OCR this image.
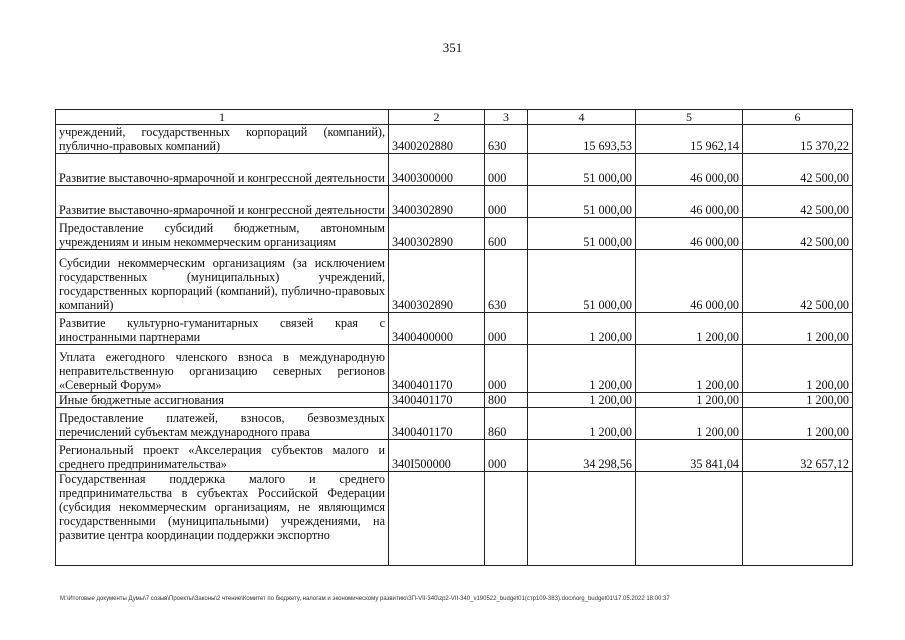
351
1	2	3	4	5	6
учреждений, государственных корпораций (компаний), публично-правовых компаний)	3400202880	630	15 693,53	15 962,14	15 370,22
Развитие выставочно-ярмарочной и конгрессной деятельности	3400300000	000	51 000,00	46 000,00	42 500,00
Развитие выставочно-ярмарочной и конгрессной деятельности	3400302890	000	51 000,00	46 000,00	42 500,00
Предоставление субсидий бюджетным, автономным учреждениям и иным некоммерческим организациям	3400302890	600	51 000,00	46 000,00	42 500,00
Субсидии некоммерческим организациям (за исключением государственных (муниципальных) учреждений, государственных корпораций (компаний), публично-правовых компаний)	3400302890	630	51 000,00	46 000,00	42 500,00
Развитие культурно-гуманитарных связей края с иностранными партнерами	3400400000	000	1 200,00	1 200,00	1 200,00
Уплата ежегодного членского взноса в международную неправительственную организацию северных регионов «Северный Форум»	3400401170	000	1 200,00	1 200,00	1 200,00
Иные бюджетные ассигнования	3400401170	800	1 200,00	1 200,00	1 200,00
Предоставление платежей, взносов, безвозмездных перечислений субъектам международного права	3400401170	860	1 200,00	1 200,00	1 200,00
Региональный проект «Акселерация субъектов малого и среднего предпринимательства»	340I500000	000	34 298,56	35 841,04	32 657,12
Государственная поддержка малого и среднего предпринимательства в субъектах Российской Федерации (субсидия некоммерческим организациям, не являющимся государственными (муниципальными) учреждениями, на развитие центра координации поддержки экспортно					
M:\Итоговые документы Думы\7 созыв\Проекты\Законы\2 чтение\Комитет по бюджету, налогам и экономическому развитию\ЗП-VII-340\zp2-VII-340_v190522_budget01(стр109-383).docx\org_budget01\17.05.2022 18:00:37
